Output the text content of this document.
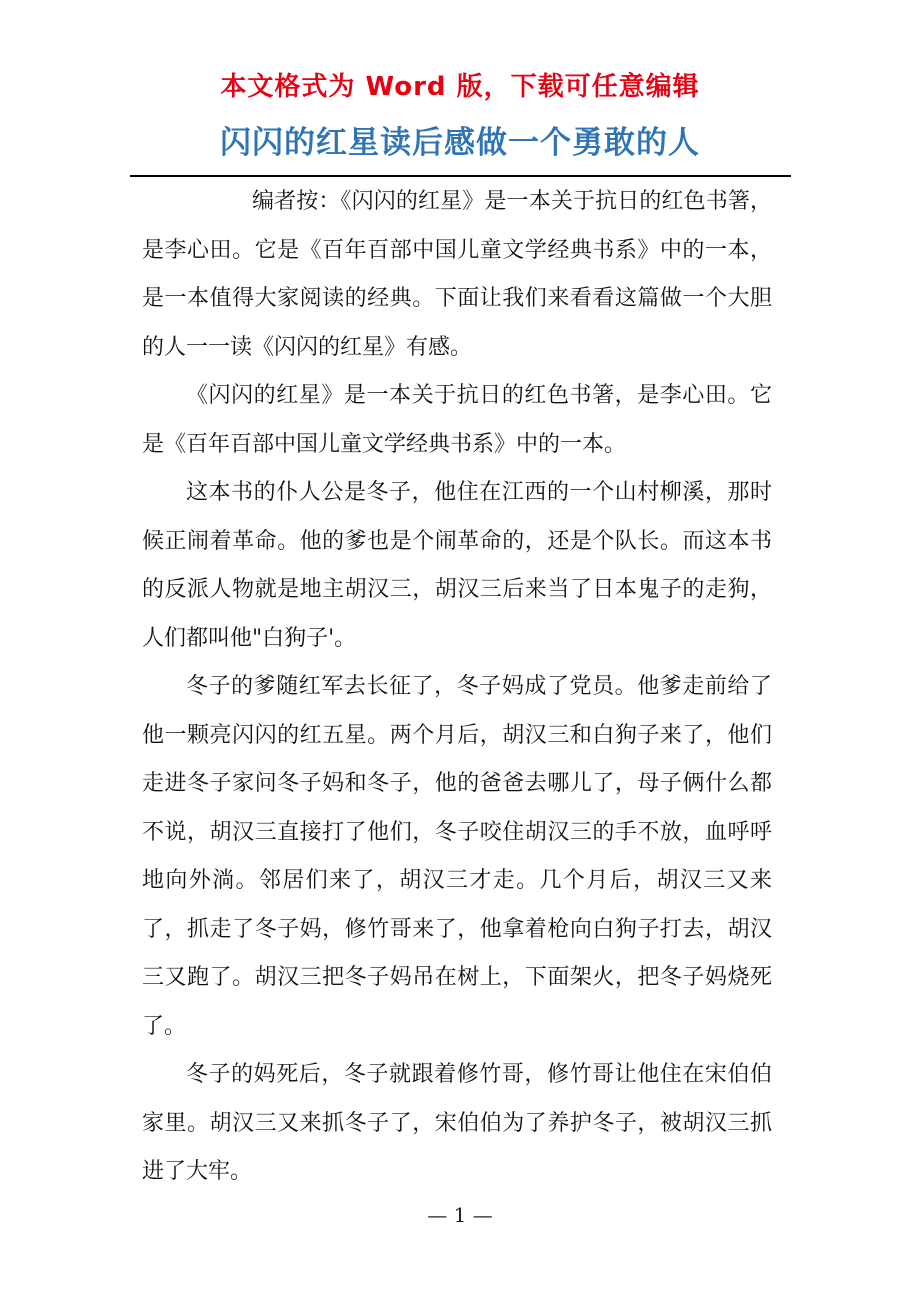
本文格式为 Word 版，下载可任意编辑
闪闪的红星读后感做一个勇敢的人

编者按：《闪闪的红星》是一本关于抗日的红色书箸，是李心田。它是《百年百部中国儿童文学经典书系》中的一本，是一本值得大家阅读的经典。下面让我们来看看这篇做一个大胆的人一一读《闪闪的红星》有感。

《闪闪的红星》是一本关于抗日的红色书箸，是李心田。它是《百年百部中国儿童文学经典书系》中的一本。

这本书的仆人公是冬子，他住在江西的一个山村柳溪，那时候正闹着革命。他的爹也是个闹革命的，还是个队长。而这本书的反派人物就是地主胡汉三，胡汉三后来当了日本鬼子的走狗，人们都叫他"白狗子'。

冬子的爹随红军去长征了，冬子妈成了党员。他爹走前给了他一颗亮闪闪的红五星。两个月后，胡汉三和白狗子来了，他们走进冬子家问冬子妈和冬子，他的爸爸去哪儿了，母子俩什么都不说，胡汉三直接打了他们，冬子咬住胡汉三的手不放，血呼呼地向外淌。邻居们来了，胡汉三才走。几个月后，胡汉三又来了，抓走了冬子妈，修竹哥来了，他拿着枪向白狗子打去，胡汉三又跑了。胡汉三把冬子妈吊在树上，下面架火，把冬子妈烧死了。

冬子的妈死后，冬子就跟着修竹哥，修竹哥让他住在宋伯伯家里。胡汉三又来抓冬子了，宋伯伯为了养护冬子，被胡汉三抓进了大牢。

— 1 —
